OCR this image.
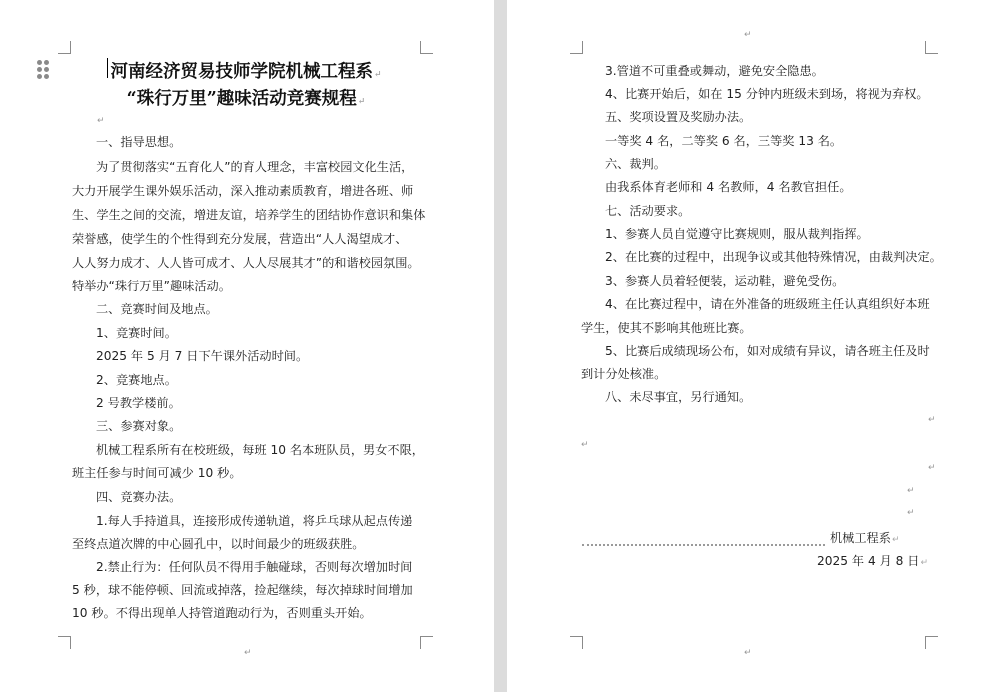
河南经济贸易技师学院机械工程系↵
“珠行万里”趣味活动竞赛规程↵
↵
一、指导思想。
为了贯彻落实“五育化人”的育人理念，丰富校园文化生活，
大力开展学生课外娱乐活动，深入推动素质教育，增进各班、师
生、学生之间的交流，增进友谊，培养学生的团结协作意识和集体
荣誉感，使学生的个性得到充分发展，营造出“人人渴望成才、
人人努力成才、人人皆可成才、人人尽展其才”的和谐校园氛围。
特举办“珠行万里”趣味活动。
二、竞赛时间及地点。
1、竞赛时间。
2025 年 5 月 7 日下午课外活动时间。
2、竞赛地点。
2 号教学楼前。
三、参赛对象。
机械工程系所有在校班级，每班 10 名本班队员，男女不限，
班主任参与时间可减少 10 秒。
四、竞赛办法。
1.每人手持道具，连接形成传递轨道，将乒乓球从起点传递
至终点道次牌的中心圆孔中，以时间最少的班级获胜。
2.禁止行为：任何队员不得用手触碰球，否则每次增加时间
5 秒，球不能停顿、回流或掉落，捡起继续，每次掉球时间增加
10 秒。不得出现单人持管道跑动行为，否则重头开始。
↵
↵
↵
3.管道不可重叠或舞动，避免安全隐患。
4、比赛开始后，如在 15 分钟内班级未到场，将视为弃权。
五、奖项设置及奖励办法。
一等奖 4 名，二等奖 6 名，三等奖 13 名。
六、裁判。
由我系体育老师和 4 名教师，4 名教官担任。
七、活动要求。
1、参赛人员自觉遵守比赛规则，服从裁判指挥。
2、在比赛的过程中，出现争议或其他特殊情况，由裁判决定。
3、参赛人员着轻便装，运动鞋，避免受伤。
4、在比赛过程中，请在外准备的班级班主任认真组织好本班
学生，使其不影响其他班比赛。
5、比赛后成绩现场公布，如对成绩有异议，请各班主任及时
到计分处核准。
八、未尽事宜，另行通知。
↵
↵
↵
↵
↵
机械工程系↵
2025 年 4 月 8 日↵
